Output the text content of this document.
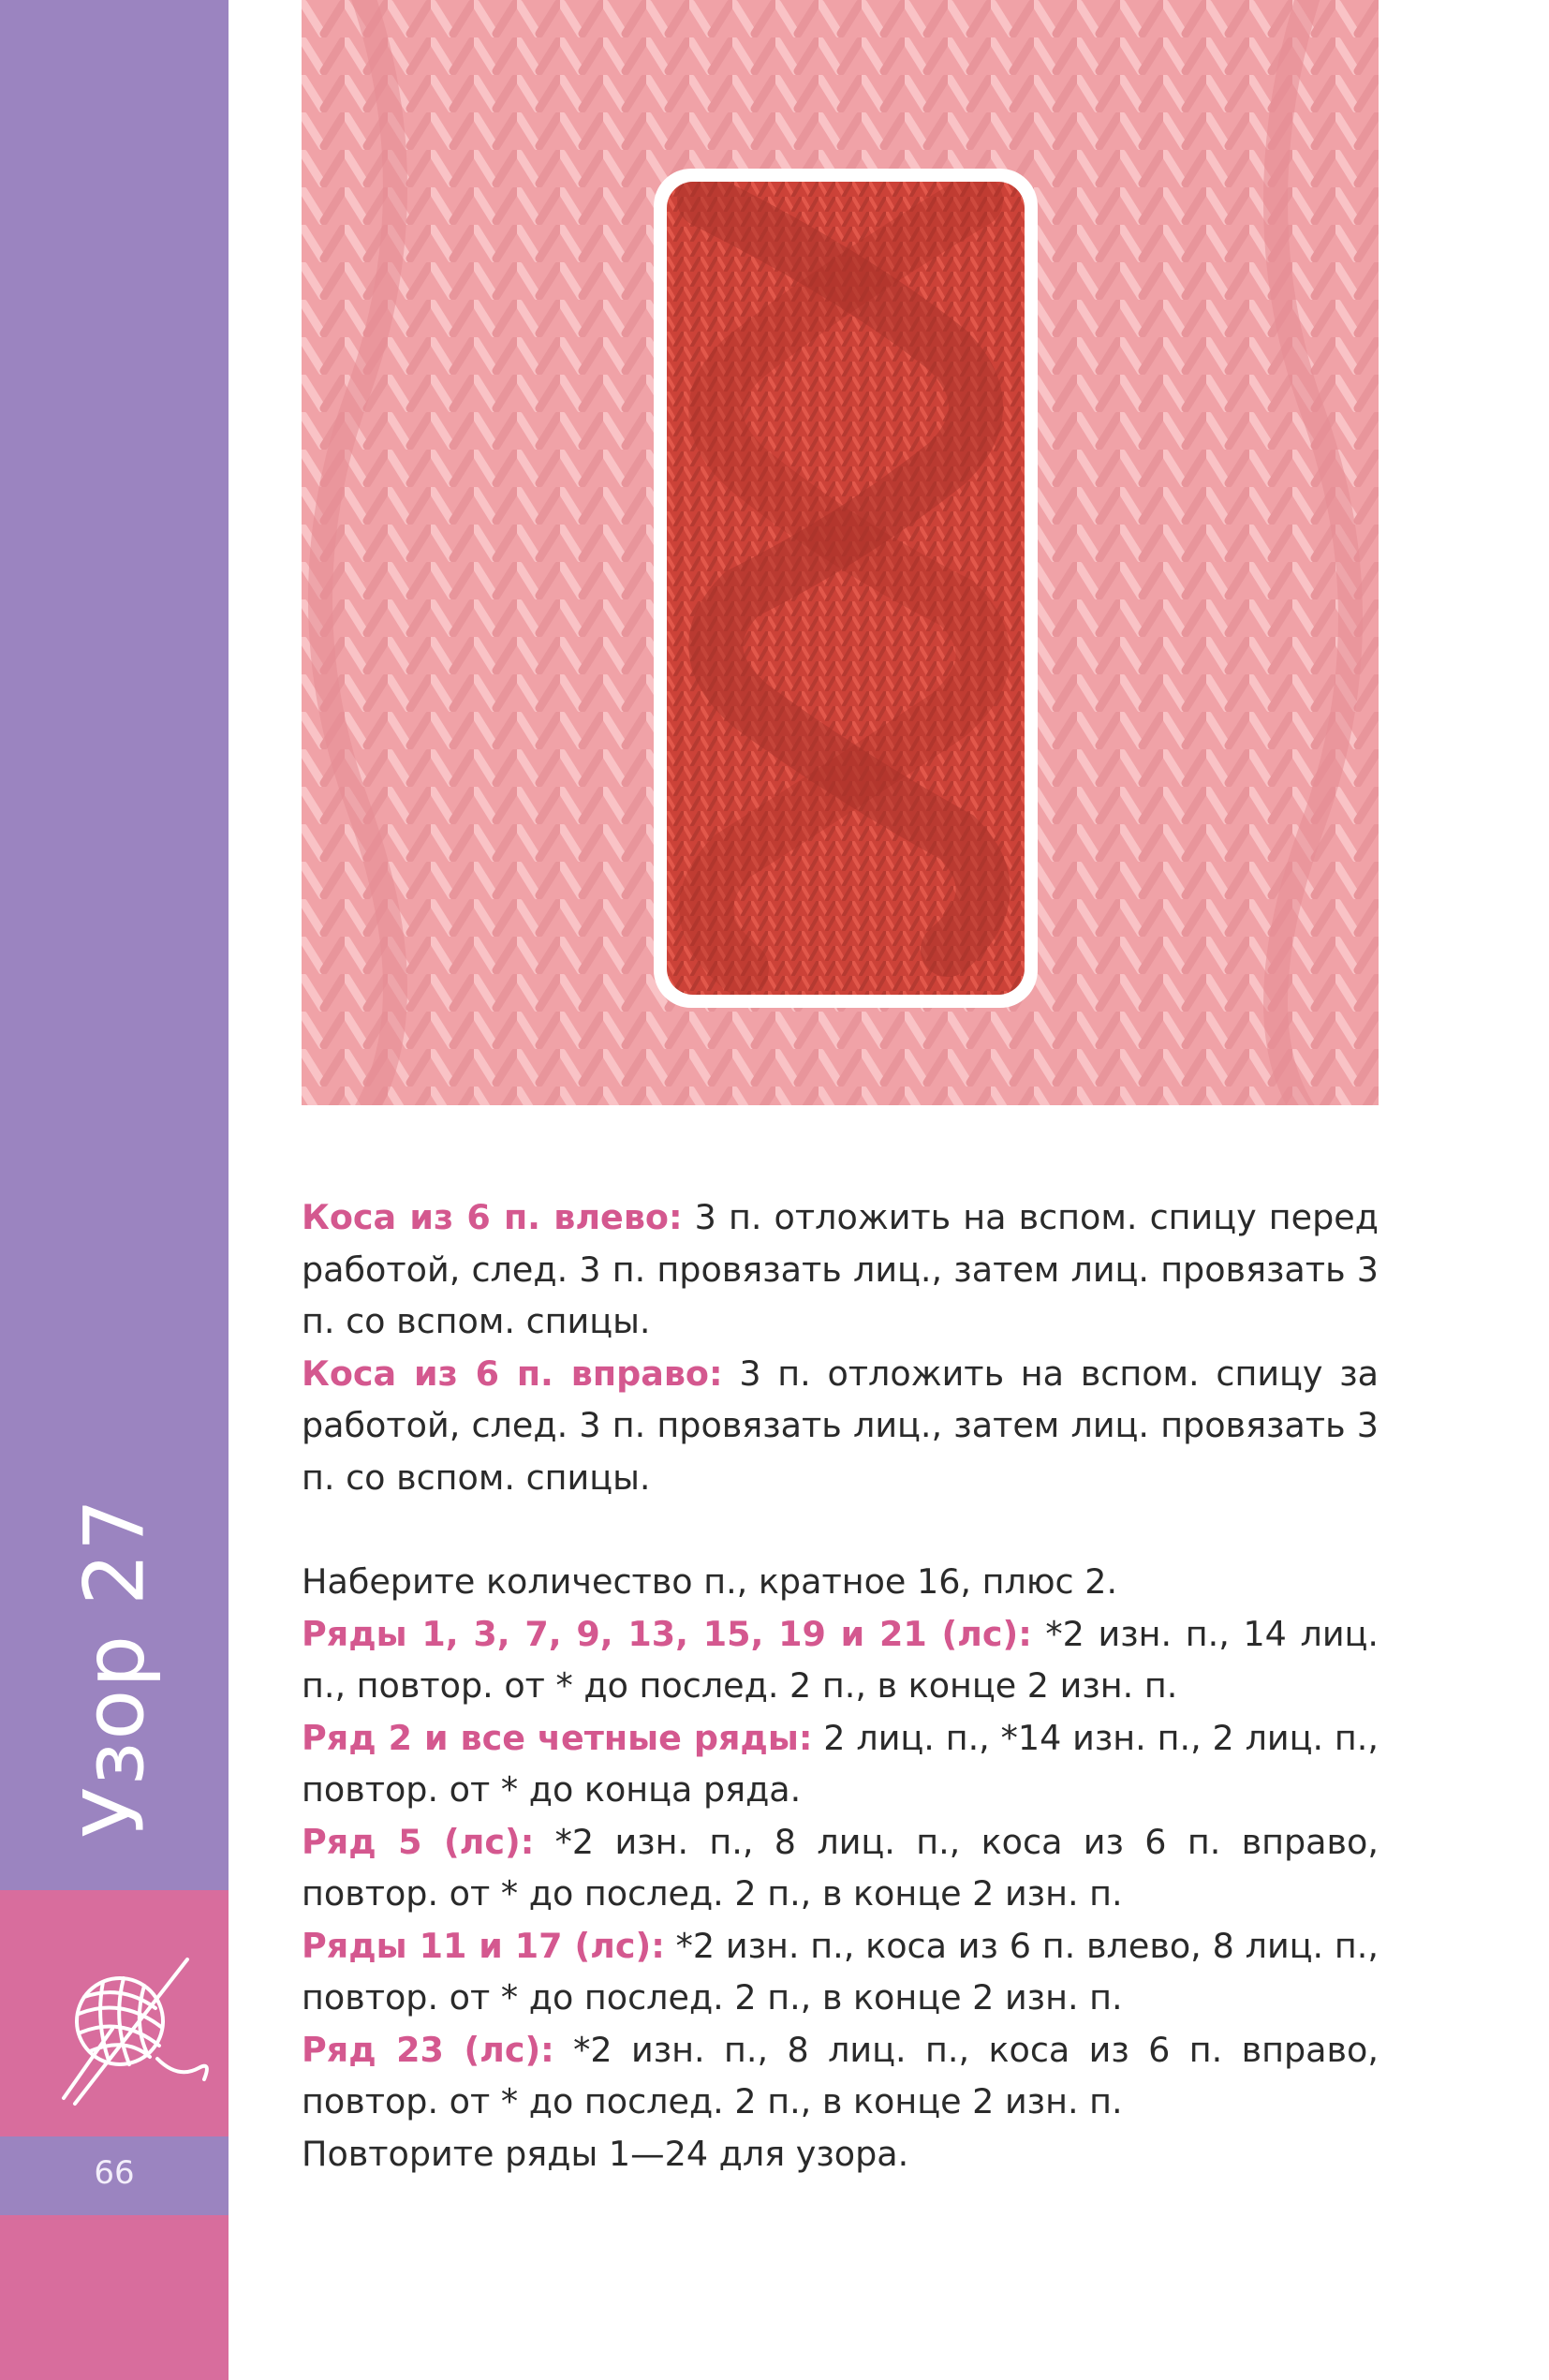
Узор 27
66

Коса из 6 п. влево: 3 п. отложить на вспом. спицу перед работой, след. 3 п. провязать лиц., затем лиц. провязать 3 п. со вспом. спицы.

Коса из 6 п. вправо: 3 п. отложить на вспом. спицу за работой, след. 3 п. провязать лиц., затем лиц. провязать 3 п. со вспом. спицы.

Наберите количество п., кратное 16, плюс 2.

Ряды 1, 3, 7, 9, 13, 15, 19 и 21 (лс): *2 изн. п., 14 лиц. п., повтор. от * до послед. 2 п., в конце 2 изн. п.

Ряд 2 и все четные ряды: 2 лиц. п., *14 изн. п., 2 лиц. п., повтор. от * до конца ряда.

Ряд 5 (лс): *2 изн. п., 8 лиц. п., коса из 6 п. вправо, повтор. от * до послед. 2 п., в конце 2 изн. п.

Ряды 11 и 17 (лс): *2 изн. п., коса из 6 п. влево, 8 лиц. п., повтор. от * до послед. 2 п., в конце 2 изн. п.

Ряд 23 (лс): *2 изн. п., 8 лиц. п., коса из 6 п. вправо, повтор. от * до послед. 2 п., в конце 2 изн. п.

Повторите ряды 1—24 для узора.
